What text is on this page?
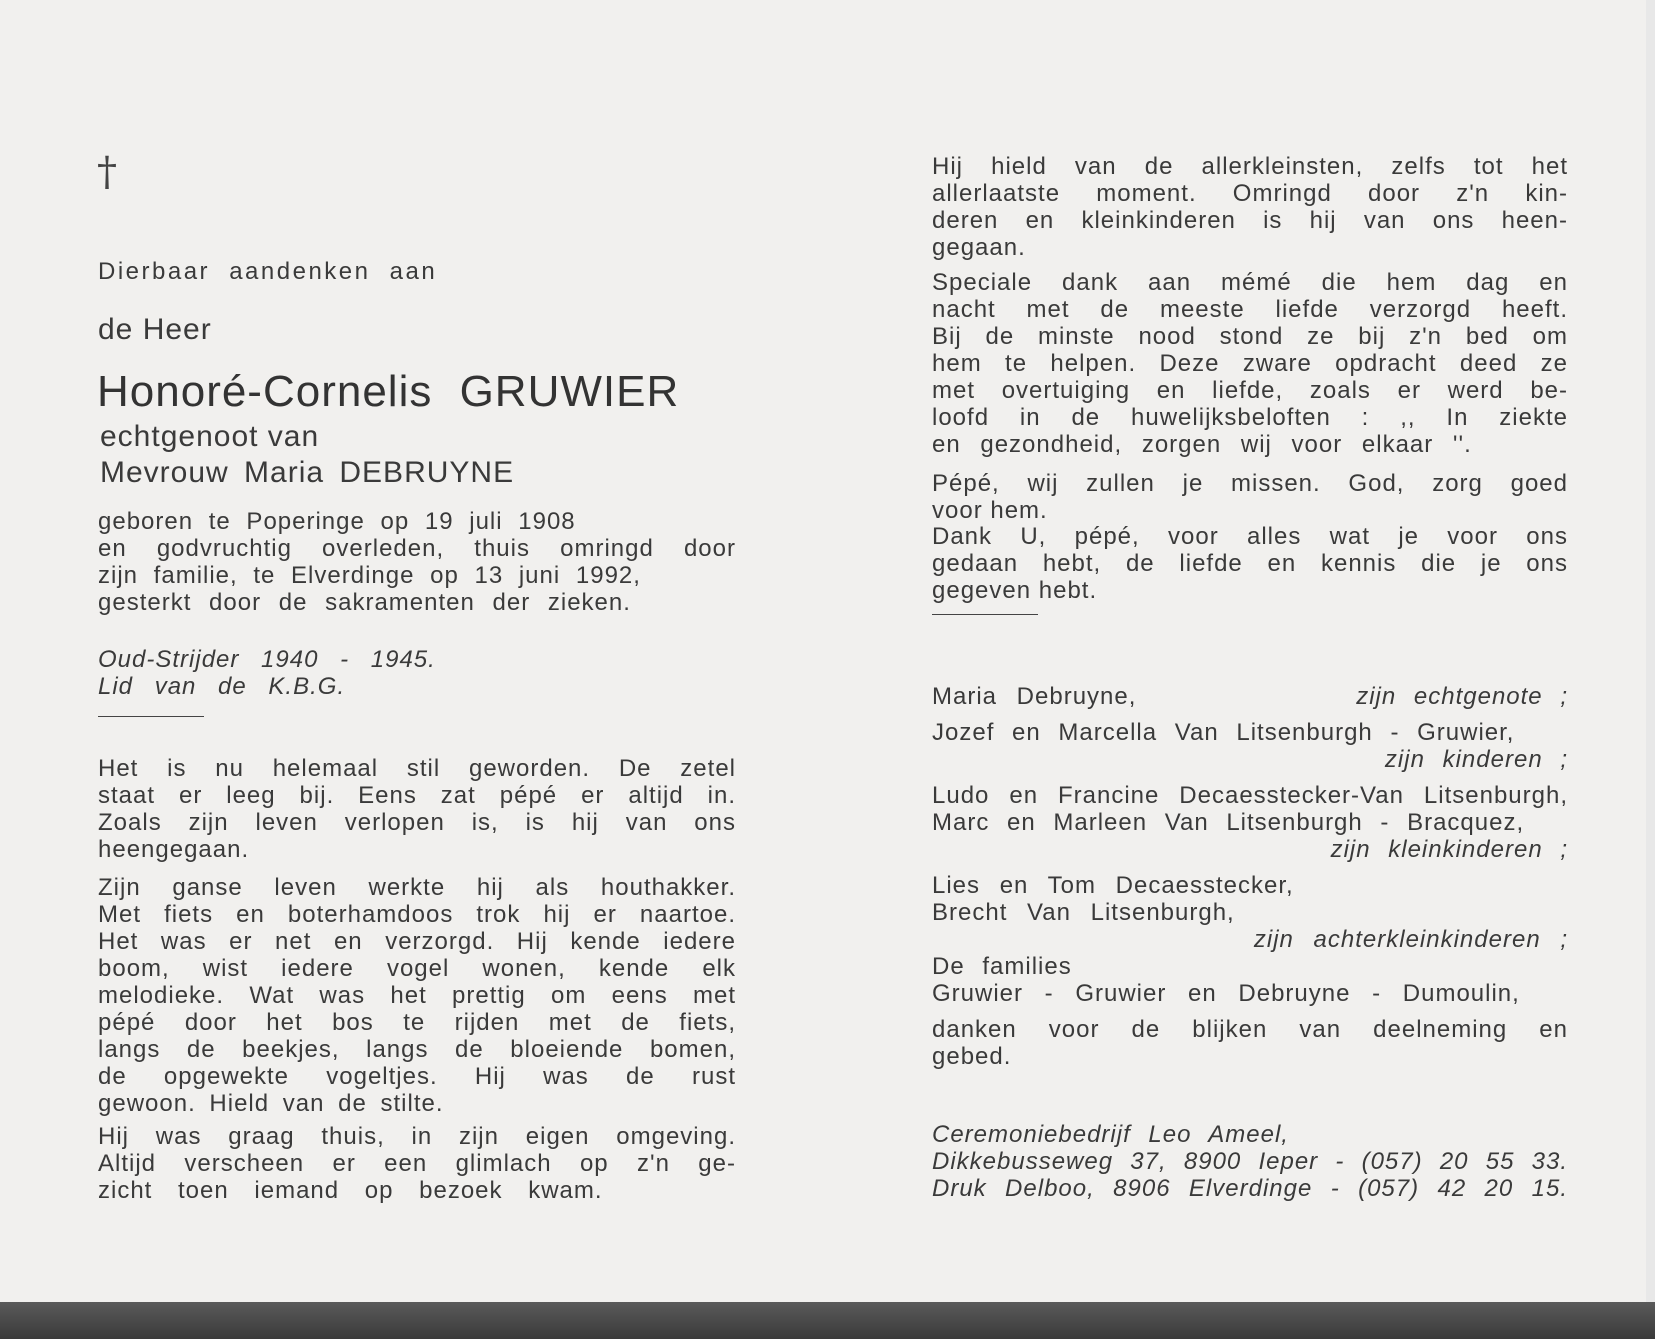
†

Dierbaar aandenken aan

de Heer

Honoré-Cornelis GRUWIER

echtgenoot van

Mevrouw Maria DEBRUYNE

geboren te Poperinge op 19 juli 1908

en godvruchtig overleden, thuis omringd door

zijn familie, te Elverdinge op 13 juni 1992,

gesterkt door de sakramenten der zieken.

Oud-Strijder 1940 - 1945.

Lid van de K.B.G.

Het is nu helemaal stil geworden. De zetel

staat er leeg bij. Eens zat pépé er altijd in.

Zoals zijn leven verlopen is, is hij van ons

heengegaan.

Zijn ganse leven werkte hij als houthakker.

Met fiets en boterhamdoos trok hij er naartoe.

Het was er net en verzorgd. Hij kende iedere

boom, wist iedere vogel wonen, kende elk

melodieke. Wat was het prettig om eens met

pépé door het bos te rijden met de fiets,

langs de beekjes, langs de bloeiende bomen,

de opgewekte vogeltjes. Hij was de rust

gewoon. Hield van de stilte.

Hij was graag thuis, in zijn eigen omgeving.

Altijd verscheen er een glimlach op z'n ge-

zicht toen iemand op bezoek kwam.

Hij hield van de allerkleinsten, zelfs tot het

allerlaatste moment. Omringd door z'n kin-

deren en kleinkinderen is hij van ons heen-

gegaan.

Speciale dank aan mémé die hem dag en

nacht met de meeste liefde verzorgd heeft.

Bij de minste nood stond ze bij z'n bed om

hem te helpen. Deze zware opdracht deed ze

met overtuiging en liefde, zoals er werd be-

loofd in de huwelijksbeloften : ,, In ziekte

en gezondheid, zorgen wij voor elkaar ''.

Pépé, wij zullen je missen. God, zorg goed

voor hem.

Dank U, pépé, voor alles wat je voor ons

gedaan hebt, de liefde en kennis die je ons

gegeven hebt.

Maria Debruyne,	zijn echtgenote ;

Jozef en Marcella Van Litsenburgh - Gruwier,

zijn kinderen ;

Ludo en Francine Decaesstecker-Van Litsenburgh,

Marc en Marleen Van Litsenburgh - Bracquez,

zijn kleinkinderen ;

Lies en Tom Decaesstecker,

Brecht Van Litsenburgh,

zijn achterkleinkinderen ;

De families

Gruwier - Gruwier en Debruyne - Dumoulin,

danken voor de blijken van deelneming en

gebed.

Ceremoniebedrijf Leo Ameel,

Dikkebusseweg 37, 8900 Ieper - (057) 20 55 33.

Druk Delboo, 8906 Elverdinge - (057) 42 20 15.
